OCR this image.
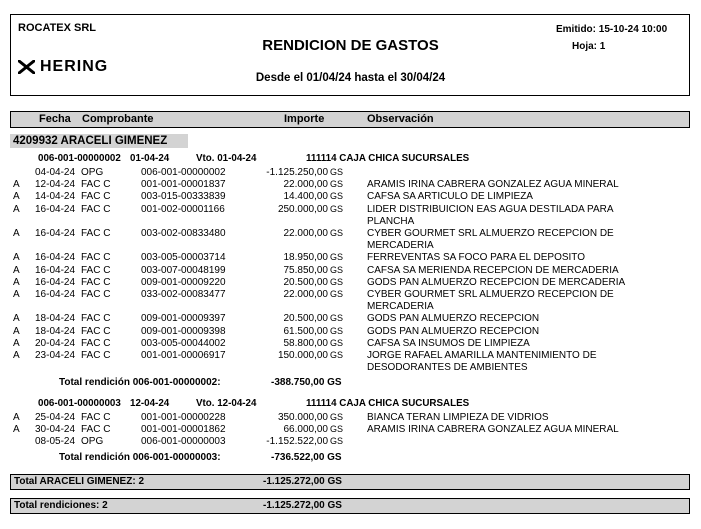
ROCATEX SRL
HERING
RENDICION DE GASTOS
Desde el 01/04/24 hasta el 30/04/24
Emitido: 15-10-24 10:00
Hoja: 1
Fecha Comprobante	Importe	Observación
4209932 ARACELI GIMENEZ
006-001-00000002 01-04-24	Vto. 01-04-24	111114 CAJA CHICA SUCURSALES
04-04-24 OPG	006-001-00000002	-1.125.250,00 GS
A 12-04-24 FAC C	001-001-00001837	22.000,00 GS ARAMIS IRINA CABRERA GONZALEZ AGUA MINERAL
A 14-04-24 FAC C	003-015-00333839	14.400,00 GS CAFSA SA ARTICULO DE LIMPIEZA
A 16-04-24 FAC C	001-002-00001166	250.000,00 GS LIDER DISTRIBUICION EAS AGUA DESTILADA PARA
PLANCHA
A 16-04-24 FAC C	003-002-00833480	22.000,00 GS CYBER GOURMET SRL ALMUERZO RECEPCION DE
MERCADERIA
A 16-04-24 FAC C	003-005-00003714	18.950,00 GS FERREVENTAS SA FOCO PARA EL DEPOSITO
A 16-04-24 FAC C	003-007-00048199	75.850,00 GS CAFSA SA MERIENDA RECEPCION DE MERCADERIA
A 16-04-24 FAC C	009-001-00009220	20.500,00 GS GODS PAN ALMUERZO RECEPCION DE MERCADERIA
A 16-04-24 FAC C	033-002-00083477	22.000,00 GS CYBER GOURMET SRL ALMUERZO RECEPCION DE
MERCADERIA
A 18-04-24 FAC C	009-001-00009397	20.500,00 GS GODS PAN ALMUERZO RECEPCION
A 18-04-24 FAC C	009-001-00009398	61.500,00 GS GODS PAN ALMUERZO RECEPCION
A 20-04-24 FAC C	003-005-00044002	58.800,00 GS CAFSA SA INSUMOS DE LIMPIEZA
A 23-04-24 FAC C	001-001-00006917	150.000,00 GS JORGE RAFAEL AMARILLA MANTENIMIENTO DE
DESODORANTES DE AMBIENTES
Total rendición 006-001-00000002:	-388.750,00 GS
006-001-00000003 12-04-24	Vto. 12-04-24	111114 CAJA CHICA SUCURSALES
A 25-04-24 FAC C	001-001-00000228	350.000,00 GS BIANCA TERAN LIMPIEZA DE VIDRIOS
A 30-04-24 FAC C	001-001-00001862	66.000,00 GS ARAMIS IRINA CABRERA GONZALEZ AGUA MINERAL
08-05-24 OPG	006-001-00000003	-1.152.522,00 GS
Total rendición 006-001-00000003:	-736.522,00 GS
Total ARACELI GIMENEZ: 2	-1.125.272,00 GS
Total rendiciones: 2	-1.125.272,00 GS
